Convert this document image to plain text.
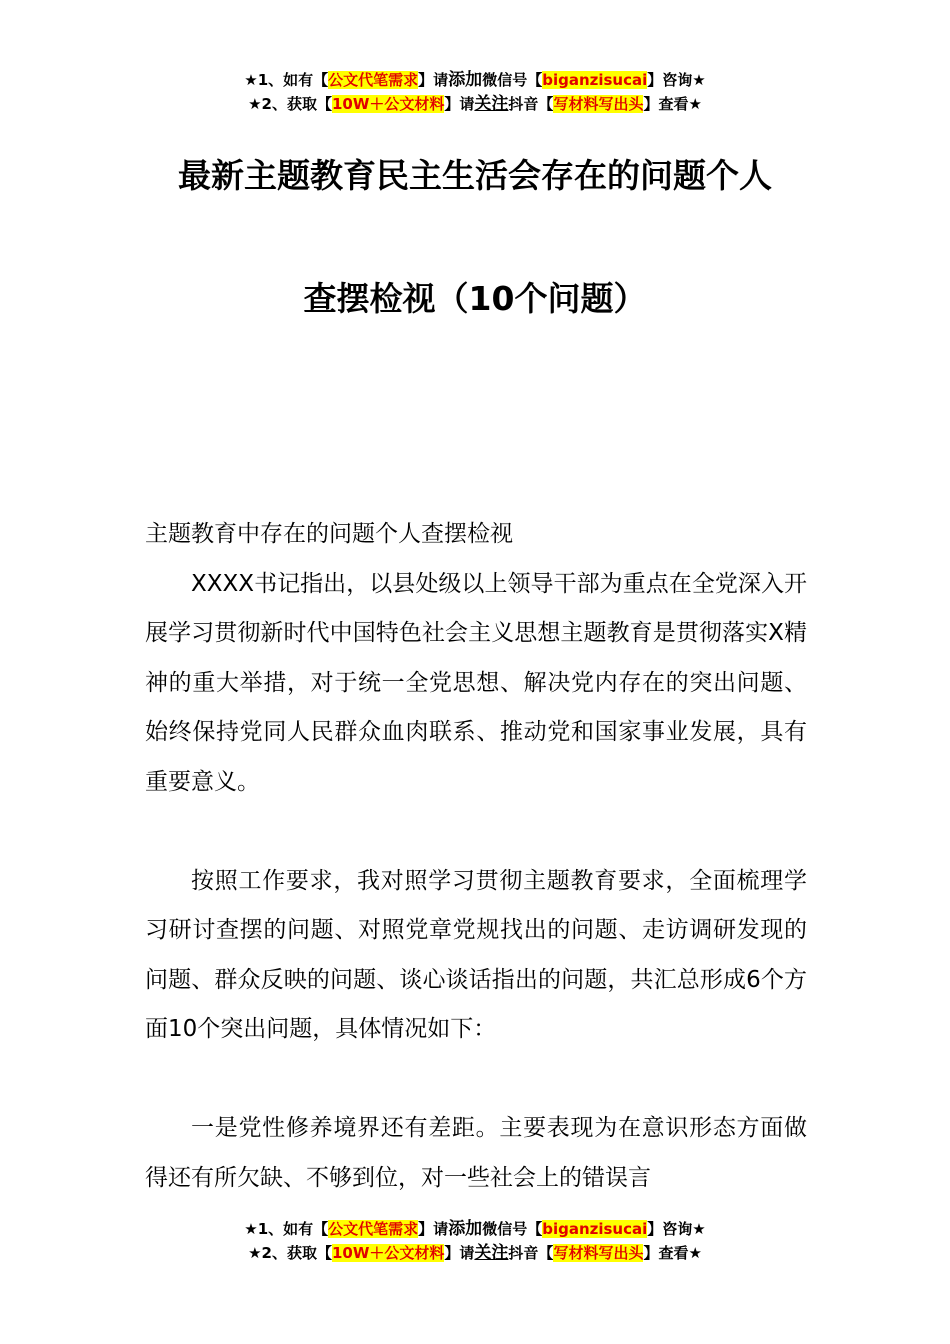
★1、如有【公文代笔需求】请添加微信号【biganzisucai】咨询★
★2、获取【10W＋公文材料】请关注抖音【写材料写出头】查看★
最新主题教育民主生活会存在的问题个人
查摆检视（10个问题）

主题教育中存在的问题个人查摆检视

XXXX书记指出，以县处级以上领导干部为重点在全党深入开展学习贯彻新时代中国特色社会主义思想主题教育是贯彻落实X精神的重大举措，对于统一全党思想、解决党内存在的突出问题、始终保持党同人民群众血肉联系、推动党和国家事业发展，具有重要意义。

按照工作要求，我对照学习贯彻主题教育要求，全面梳理学习研讨查摆的问题、对照党章党规找出的问题、走访调研发现的问题、群众反映的问题、谈心谈话指出的问题，共汇总形成6个方面10个突出问题，具体情况如下：

一是党性修养境界还有差距。主要表现为在意识形态方面做得还有所欠缺、不够到位，对一些社会上的错误言

★1、如有【公文代笔需求】请添加微信号【biganzisucai】咨询★
★2、获取【10W＋公文材料】请关注抖音【写材料写出头】查看★
